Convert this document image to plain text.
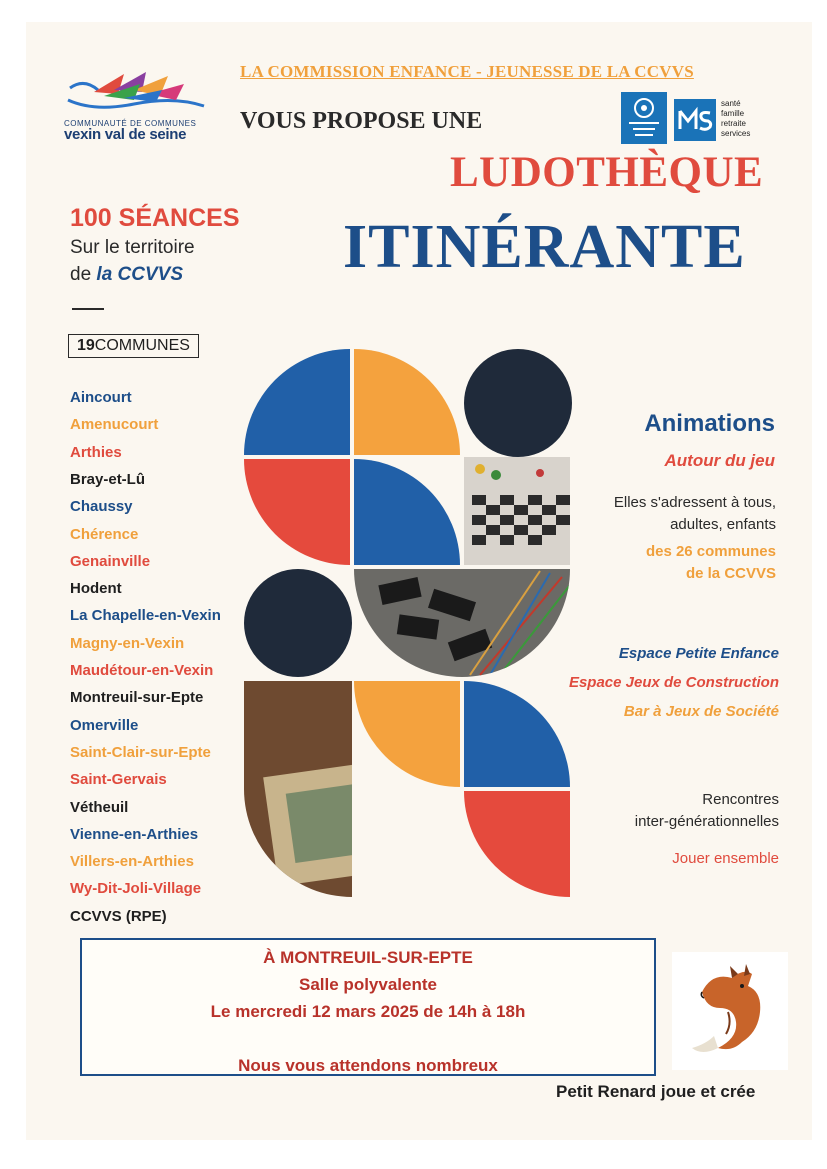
COMMUNAUTÉ DE COMMUNES
vexin val de seine
LA COMMISSION ENFANCE - JEUNESSE DE LA CCVVS
VOUS PROPOSE UNE
santé
famille
retraite
services
LUDOTHÈQUE
ITINÉRANTE
100 SÉANCES
Sur le territoire
de la CCVVS
19COMMUNES
Aincourt
Amenucourt
Arthies
Bray-et-Lû
Chaussy
Chérence
Genainville
Hodent
La Chapelle-en-Vexin
Magny-en-Vexin
Maudétour-en-Vexin
Montreuil-sur-Epte
Omerville
Saint-Clair-sur-Epte
Saint-Gervais
Vétheuil
Vienne-en-Arthies
Villers-en-Arthies
Wy-Dit-Joli-Village
CCVVS (RPE)
Animations
Autour du jeu
Elles s'adressent à tous,
adultes, enfants
des 26 communes
de la CCVVS
Espace Petite Enfance
Espace Jeux de Construction
Bar à Jeux de Société
Rencontres
inter-générationnelles
Jouer ensemble
À MONTREUIL-SUR-EPTE
Salle polyvalente
Le mercredi 12 mars 2025 de 14h à 18h
Nous vous attendons nombreux
Petit Renard joue et crée
